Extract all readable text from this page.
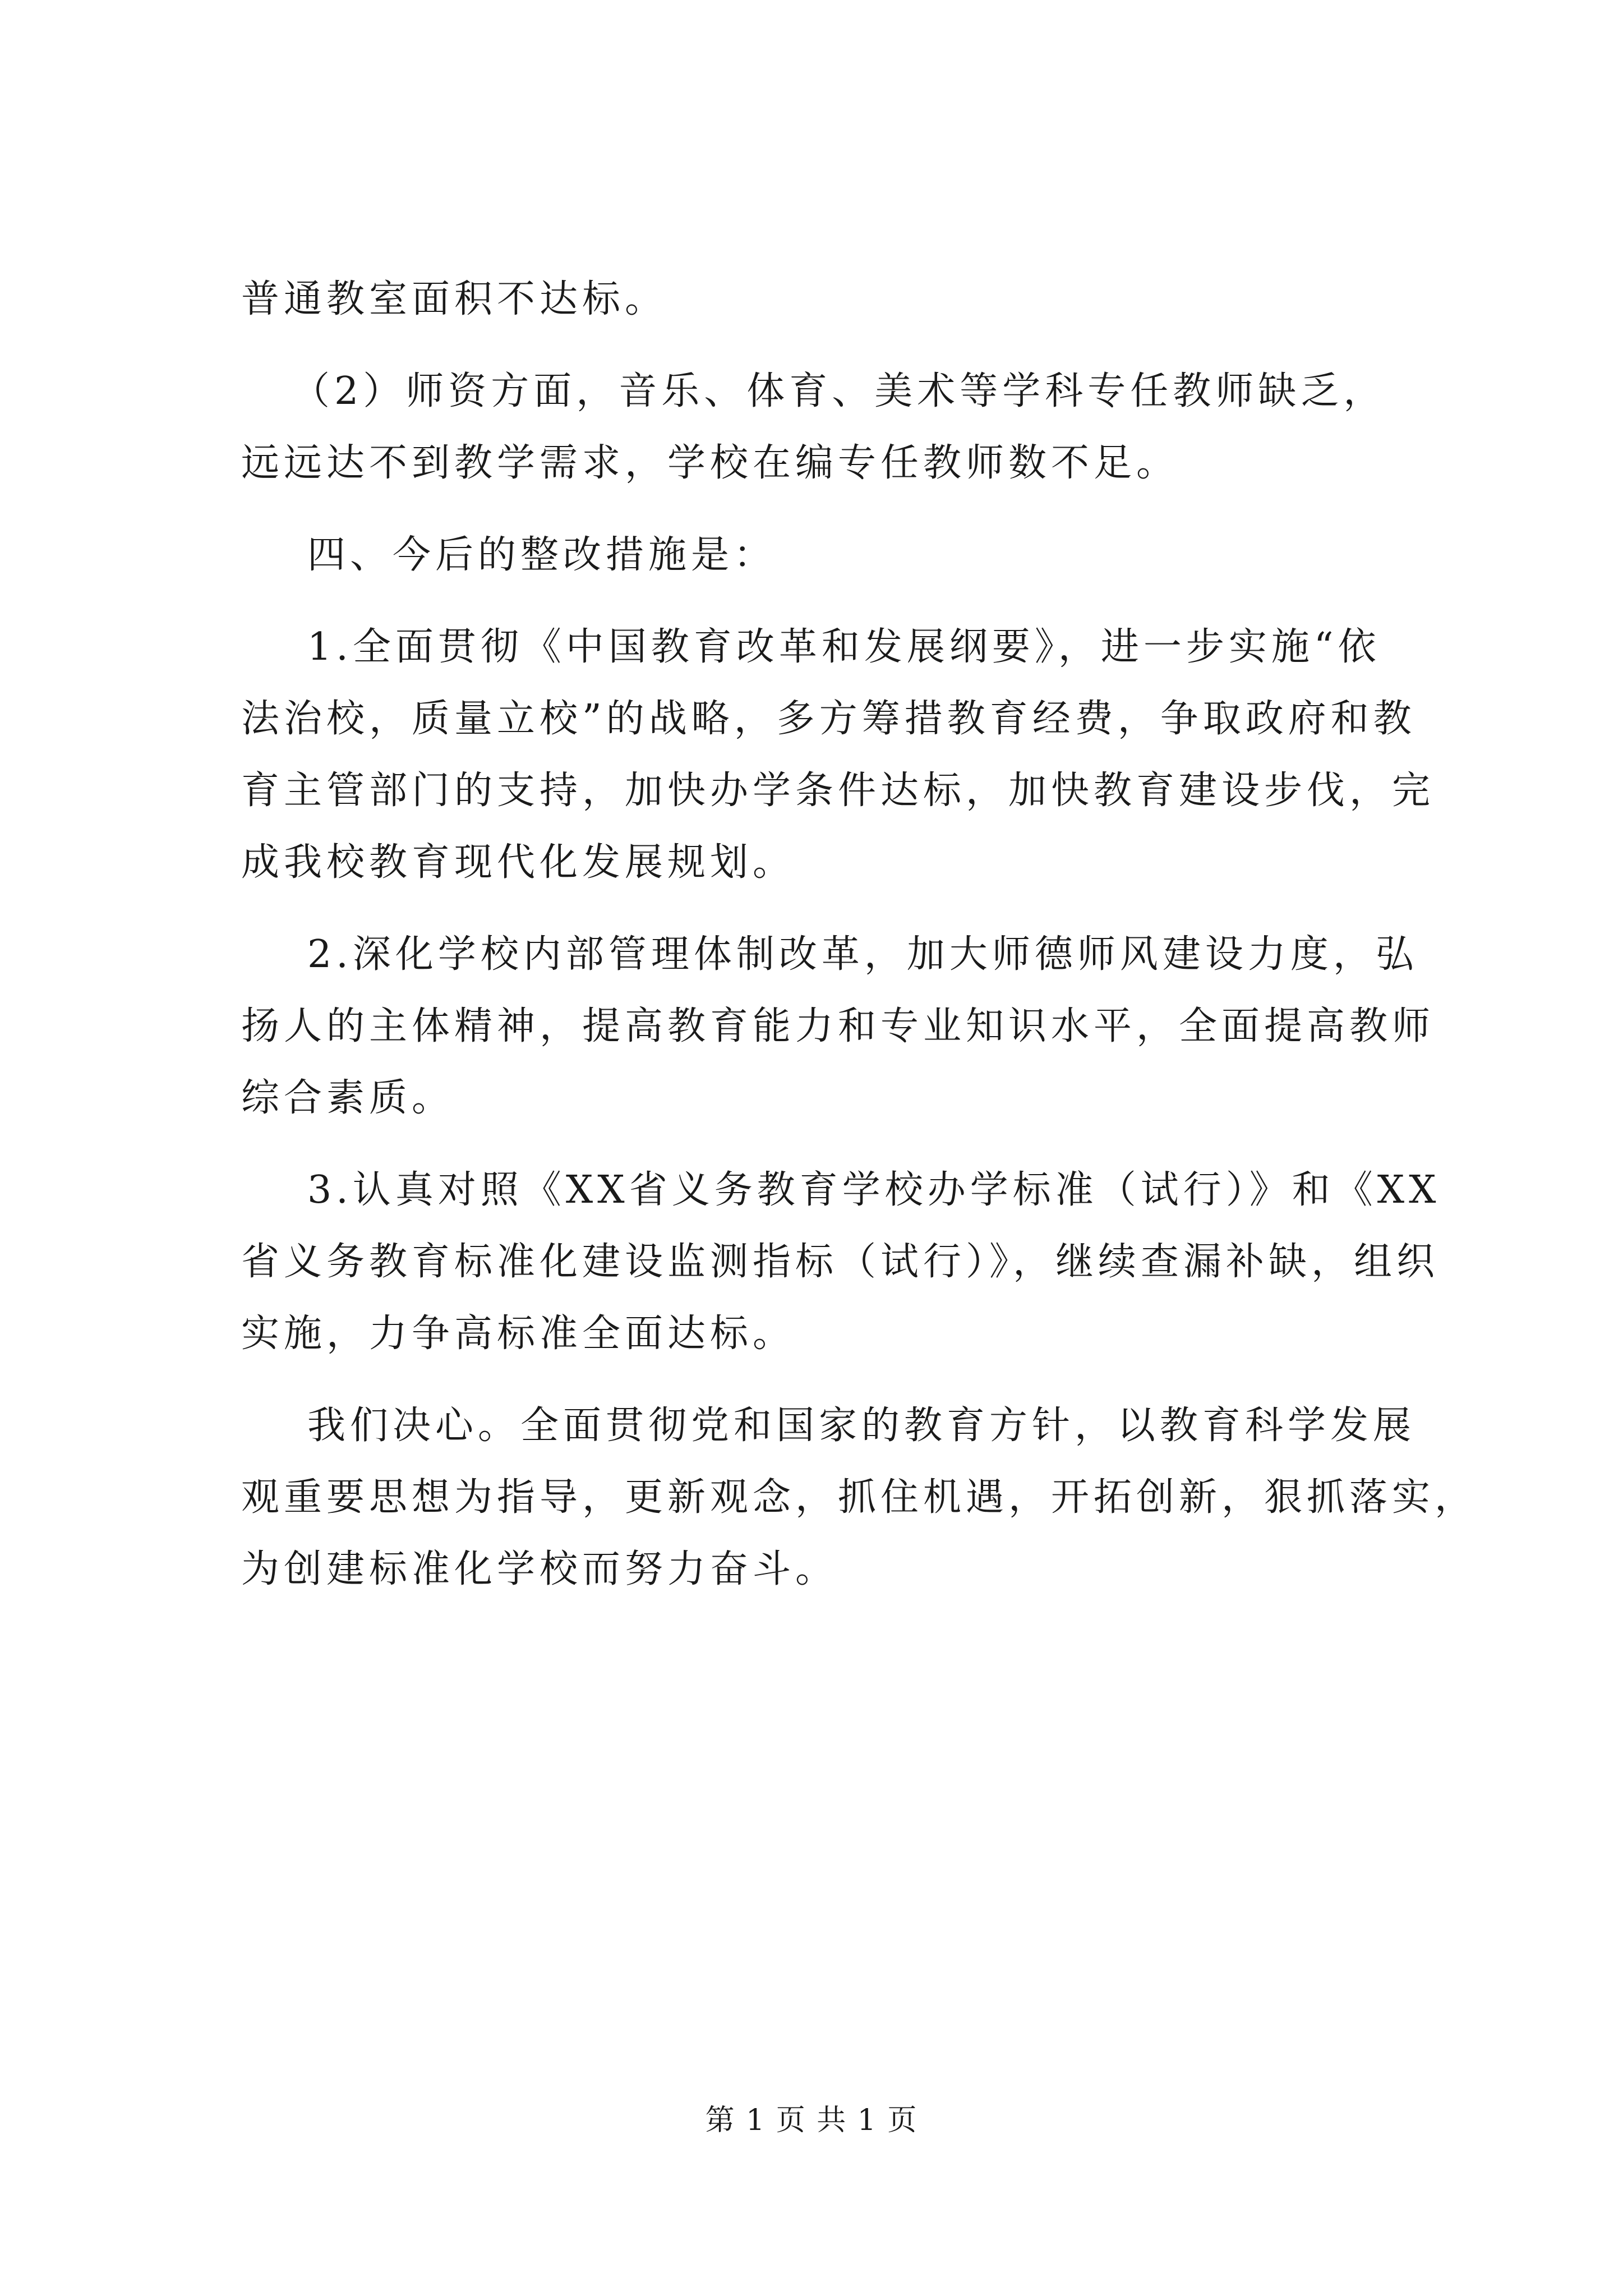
普通教室面积不达标。
（2）师资方面，音乐、体育、美术等学科专任教师缺乏，
远远达不到教学需求，学校在编专任教师数不足。
四、今后的整改措施是：
1.全面贯彻《中国教育改革和发展纲要》，进一步实施“依
法治校，质量立校”的战略，多方筹措教育经费，争取政府和教
育主管部门的支持，加快办学条件达标，加快教育建设步伐，完
成我校教育现代化发展规划。
2.深化学校内部管理体制改革，加大师德师风建设力度，弘
扬人的主体精神，提高教育能力和专业知识水平，全面提高教师
综合素质。
3.认真对照《XX省义务教育学校办学标准（试行）》和《XX
省义务教育标准化建设监测指标（试行）》，继续查漏补缺，组织
实施，力争高标准全面达标。
我们决心。全面贯彻党和国家的教育方针，以教育科学发展
观重要思想为指导，更新观念，抓住机遇，开拓创新，狠抓落实，
为创建标准化学校而努力奋斗。
第 1 页 共 1 页
